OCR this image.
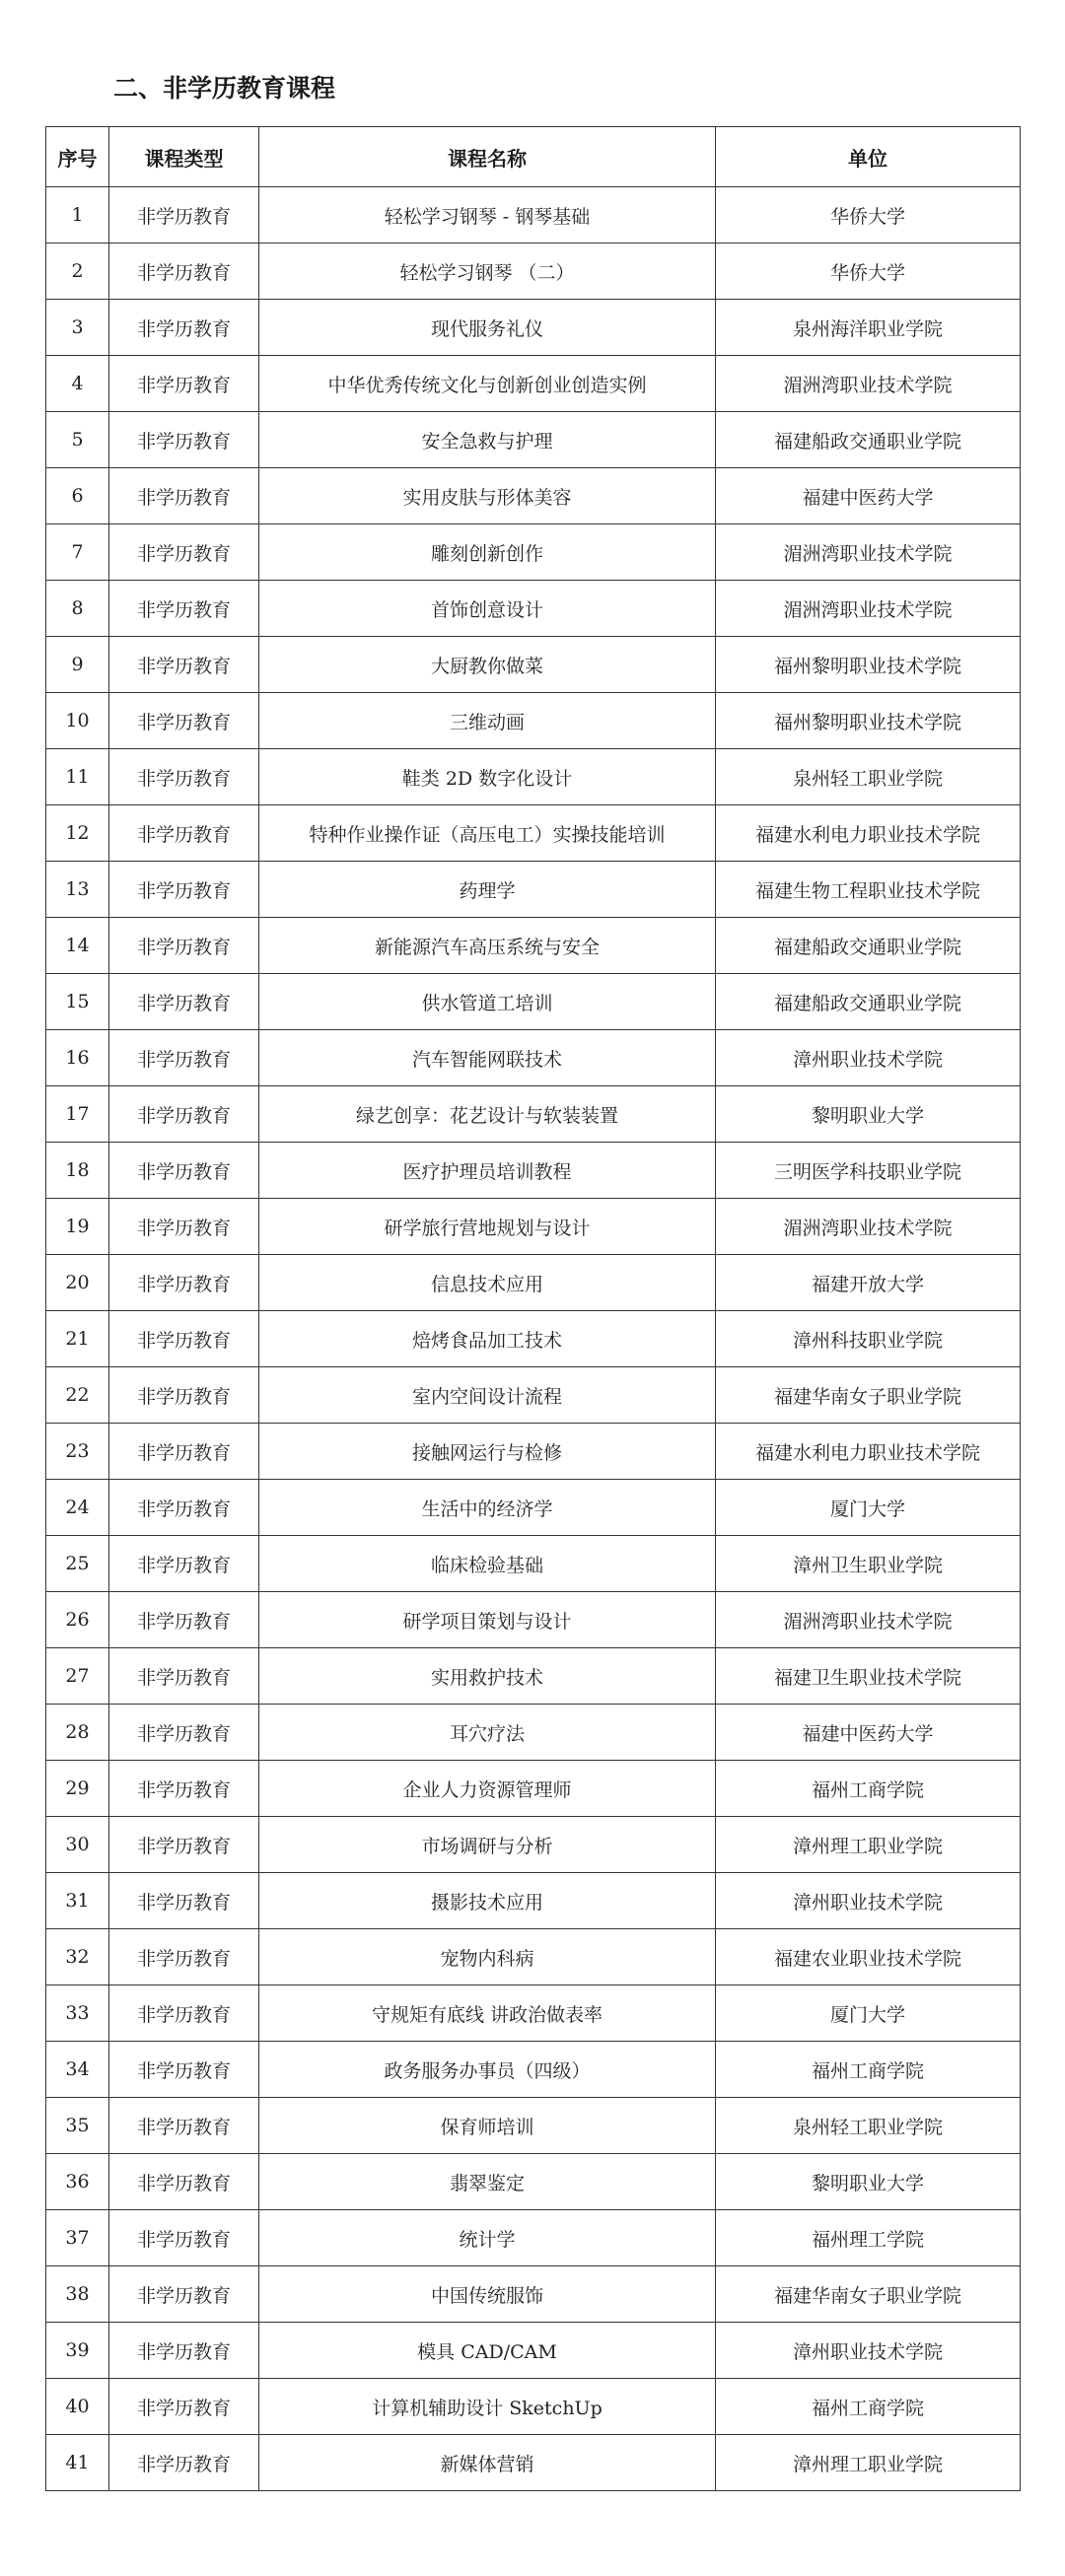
二、非学历教育课程
序号	课程类型	课程名称	单位
1	非学历教育	轻松学习钢琴 - 钢琴基础	华侨大学
2	非学历教育	轻松学习钢琴 （二）	华侨大学
3	非学历教育	现代服务礼仪	泉州海洋职业学院
4	非学历教育	中华优秀传统文化与创新创业创造实例	湄洲湾职业技术学院
5	非学历教育	安全急救与护理	福建船政交通职业学院
6	非学历教育	实用皮肤与形体美容	福建中医药大学
7	非学历教育	雕刻创新创作	湄洲湾职业技术学院
8	非学历教育	首饰创意设计	湄洲湾职业技术学院
9	非学历教育	大厨教你做菜	福州黎明职业技术学院
10	非学历教育	三维动画	福州黎明职业技术学院
11	非学历教育	鞋类 2D 数字化设计	泉州轻工职业学院
12	非学历教育	特种作业操作证（高压电工）实操技能培训	福建水利电力职业技术学院
13	非学历教育	药理学	福建生物工程职业技术学院
14	非学历教育	新能源汽车高压系统与安全	福建船政交通职业学院
15	非学历教育	供水管道工培训	福建船政交通职业学院
16	非学历教育	汽车智能网联技术	漳州职业技术学院
17	非学历教育	绿艺创享：花艺设计与软装装置	黎明职业大学
18	非学历教育	医疗护理员培训教程	三明医学科技职业学院
19	非学历教育	研学旅行营地规划与设计	湄洲湾职业技术学院
20	非学历教育	信息技术应用	福建开放大学
21	非学历教育	焙烤食品加工技术	漳州科技职业学院
22	非学历教育	室内空间设计流程	福建华南女子职业学院
23	非学历教育	接触网运行与检修	福建水利电力职业技术学院
24	非学历教育	生活中的经济学	厦门大学
25	非学历教育	临床检验基础	漳州卫生职业学院
26	非学历教育	研学项目策划与设计	湄洲湾职业技术学院
27	非学历教育	实用救护技术	福建卫生职业技术学院
28	非学历教育	耳穴疗法	福建中医药大学
29	非学历教育	企业人力资源管理师	福州工商学院
30	非学历教育	市场调研与分析	漳州理工职业学院
31	非学历教育	摄影技术应用	漳州职业技术学院
32	非学历教育	宠物内科病	福建农业职业技术学院
33	非学历教育	守规矩有底线 讲政治做表率	厦门大学
34	非学历教育	政务服务办事员（四级）	福州工商学院
35	非学历教育	保育师培训	泉州轻工职业学院
36	非学历教育	翡翠鉴定	黎明职业大学
37	非学历教育	统计学	福州理工学院
38	非学历教育	中国传统服饰	福建华南女子职业学院
39	非学历教育	模具 CAD/CAM	漳州职业技术学院
40	非学历教育	计算机辅助设计 SketchUp	福州工商学院
41	非学历教育	新媒体营销	漳州理工职业学院
